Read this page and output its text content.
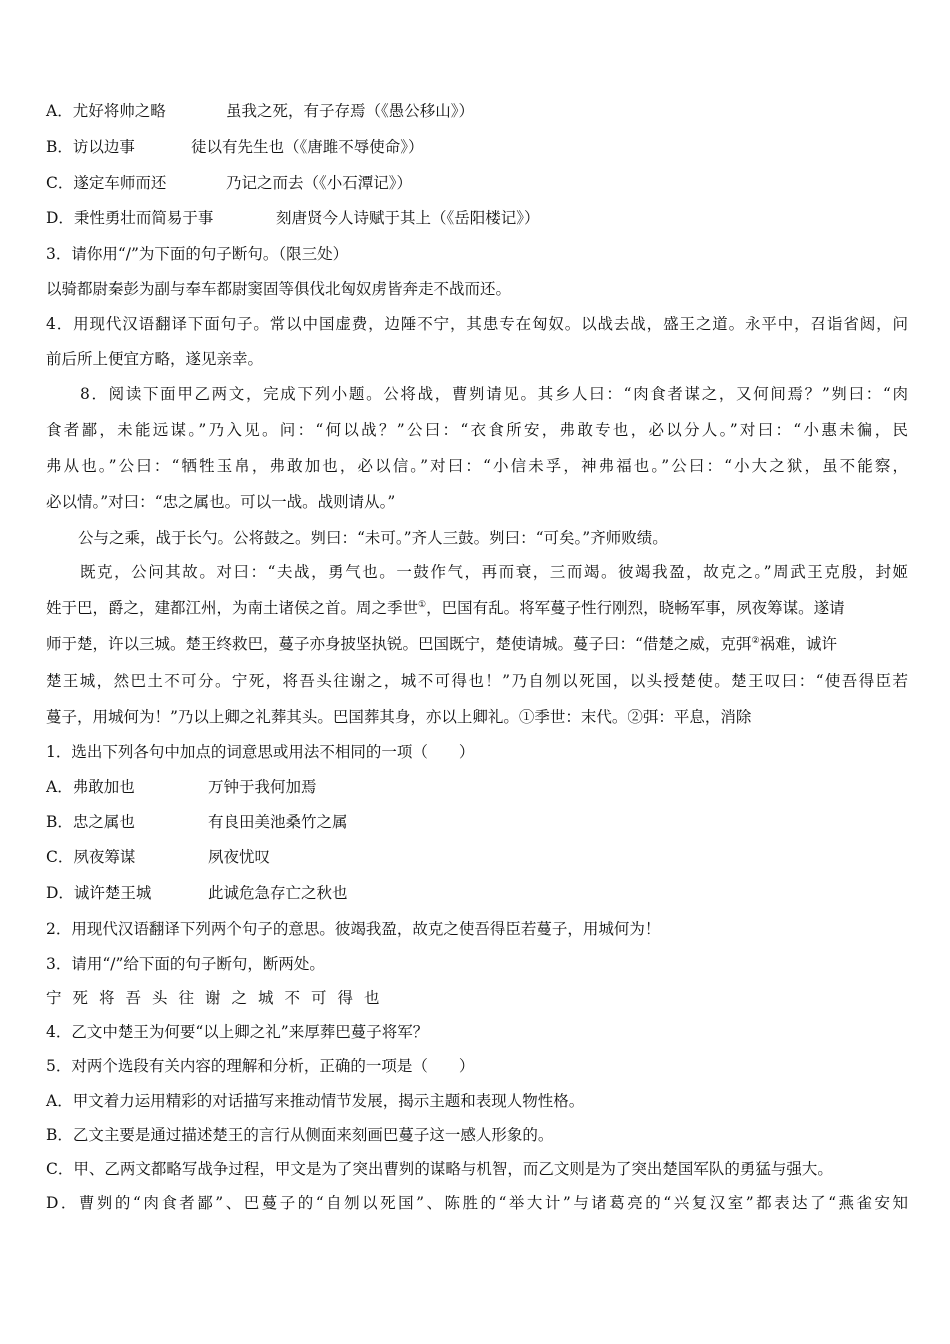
A．尤好将帅之略	虽我之死，有子存焉（《愚公移山》）
B．访以边事	徒以有先生也（《唐雎不辱使命》）
C．遂定车师而还	乃记之而去（《小石潭记》）
D．秉性勇壮而简易于事	刻唐贤今人诗赋于其上（《岳阳楼记》）
3．请你用“/”为下面的句子断句。（限三处）
以骑都尉秦彭为副与奉车都尉窦固等俱伐北匈奴虏皆奔走不战而还。
4．用现代汉语翻译下面句子。常以中国虚费，边陲不宁，其患专在匈奴。以战去战，盛王之道。永平中，召诣省闼，问
前后所上便宜方略，遂见亲幸。
8．阅读下面甲乙两文，完成下列小题。公将战，曹刿请见。其乡人曰：“肉食者谋之，又何间焉？”刿曰：“肉
食者鄙，未能远谋。”乃入见。问：“何以战？”公曰：“衣食所安，弗敢专也，必以分人。”对曰：“小惠未徧，民
弗从也。”公曰：“牺牲玉帛，弗敢加也，必以信。”对曰：“小信未孚，神弗福也。”公曰：“小大之狱，虽不能察，
必以情。”对曰：“忠之属也。可以一战。战则请从。”
公与之乘，战于长勺。公将鼓之。刿曰：“未可。”齐人三鼓。刿曰：“可矣。”齐师败绩。
既克，公问其故。对曰：“夫战，勇气也。一鼓作气，再而衰，三而竭。彼竭我盈，故克之。”周武王克殷，封姬
姓于巴，爵之，建都江州，为南土诸侯之首。周之季世①，巴国有乱。将军蔓子性行刚烈，晓畅军事，夙夜筹谋。遂请
师于楚，许以三城。楚王终救巴，蔓子亦身披坚执锐。巴国既宁，楚使请城。蔓子曰：“借楚之威，克弭②祸难，诚许
楚王城，然巴土不可分。宁死，将吾头往谢之，城不可得也！”乃自刎以死国，以头授楚使。楚王叹曰：“使吾得臣若
蔓子，用城何为！”乃以上卿之礼葬其头。巴国葬其身，亦以上卿礼。①季世：末代。②弭：平息，消除
1．选出下列各句中加点的词意思或用法不相同的一项（　　）
A．弗敢加也	万钟于我何加焉
B．忠之属也	有良田美池桑竹之属
C．夙夜筹谋	夙夜忧叹
D．诚许楚王城	此诚危急存亡之秋也
2．用现代汉语翻译下列两个句子的意思。彼竭我盈，故克之使吾得臣若蔓子，用城何为！
3．请用“/”给下面的句子断句，断两处。
宁死将吾头往谢之城不可得也
4．乙文中楚王为何要“以上卿之礼”来厚葬巴蔓子将军？
5．对两个选段有关内容的理解和分析，正确的一项是（　　）
A．甲文着力运用精彩的对话描写来推动情节发展，揭示主题和表现人物性格。
B．乙文主要是通过描述楚王的言行从侧面来刻画巴蔓子这一感人形象的。
C．甲、乙两文都略写战争过程，甲文是为了突出曹刿的谋略与机智，而乙文则是为了突出楚国军队的勇猛与强大。
D．曹刿的“肉食者鄙”、巴蔓子的“自刎以死国”、陈胜的“举大计”与诸葛亮的“兴复汉室”都表达了“燕雀安知
